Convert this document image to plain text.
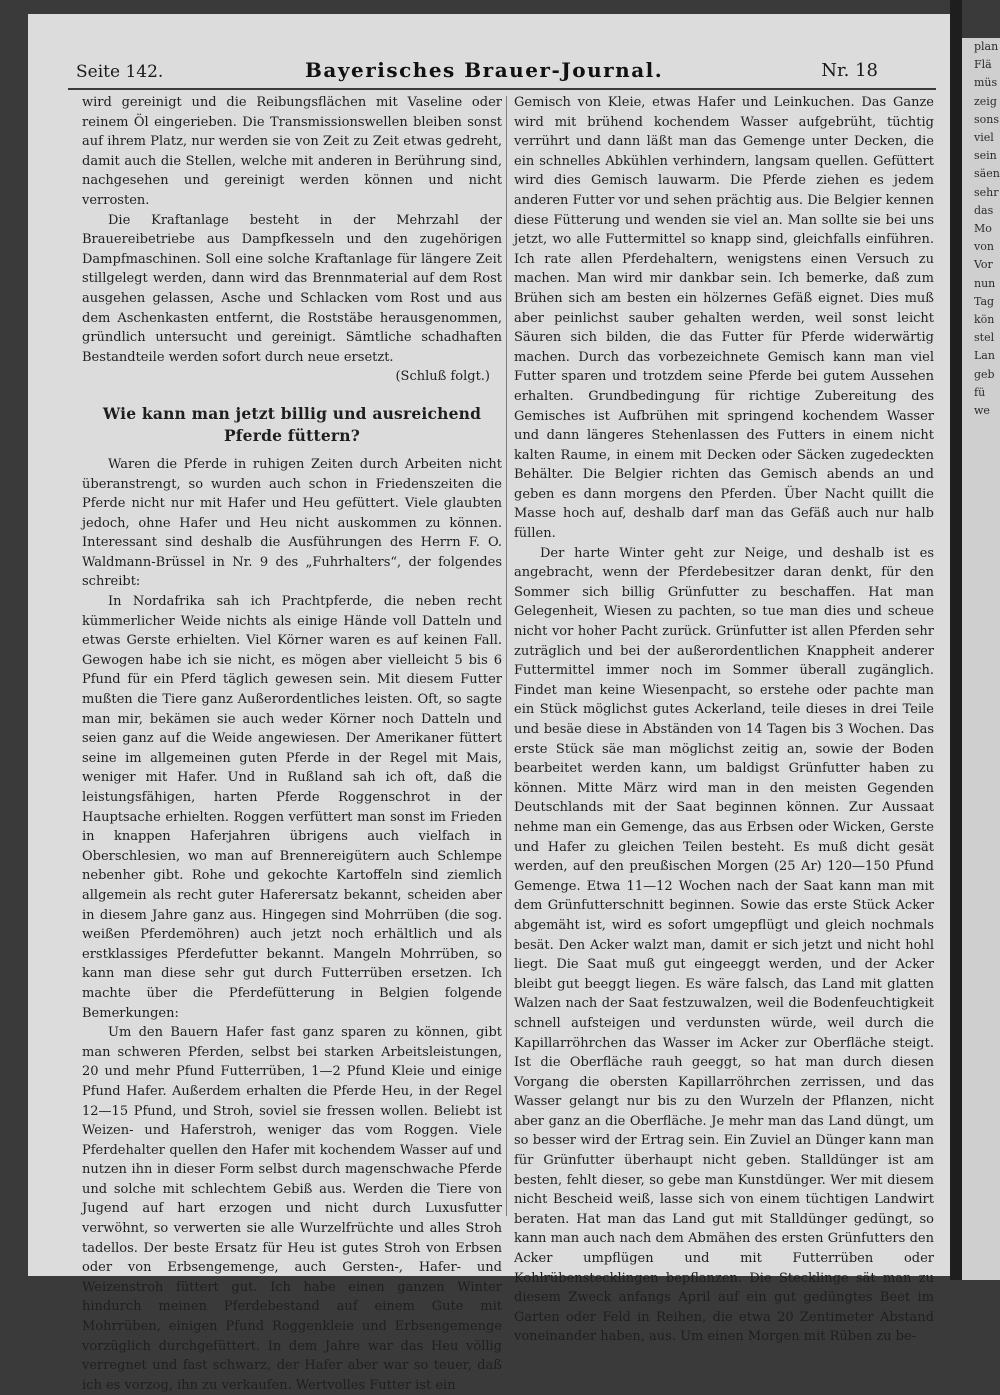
Seite 142.	Bayerisches Brauer-Journal.	Nr. 18

wird gereinigt und die Reibungsflächen mit Vaseline oder reinem Öl eingerieben. Die Transmissionswellen bleiben sonst auf ihrem Platz, nur werden sie von Zeit zu Zeit etwas gedreht, damit auch die Stellen, welche mit anderen in Berührung sind, nachgesehen und gereinigt werden können und nicht verrosten.

Die Kraftanlage besteht in der Mehrzahl der Brauereibetriebe aus Dampfkesseln und den zugehörigen Dampfmaschinen. Soll eine solche Kraftanlage für längere Zeit stillgelegt werden, dann wird das Brennmaterial auf dem Rost ausgehen gelassen, Asche und Schlacken vom Rost und aus dem Aschenkasten entfernt, die Roststäbe herausgenommen, gründlich untersucht und gereinigt. Sämtliche schadhaften Bestandteile werden sofort durch neue ersetzt.

(Schluß folgt.)
Wie kann man jetzt billig und ausreichend Pferde füttern?

Waren die Pferde in ruhigen Zeiten durch Arbeiten nicht überanstrengt, so wurden auch schon in Friedenszeiten die Pferde nicht nur mit Hafer und Heu gefüttert. Viele glaubten jedoch, ohne Hafer und Heu nicht auskommen zu können. Interessant sind deshalb die Ausführungen des Herrn F. O. Waldmann-Brüssel in Nr. 9 des „Fuhrhalters“, der folgendes schreibt:

In Nordafrika sah ich Prachtpferde, die neben recht kümmerlicher Weide nichts als einige Hände voll Datteln und etwas Gerste erhielten. Viel Körner waren es auf keinen Fall. Gewogen habe ich sie nicht, es mögen aber vielleicht 5 bis 6 Pfund für ein Pferd täglich gewesen sein. Mit diesem Futter mußten die Tiere ganz Außerordentliches leisten. Oft, so sagte man mir, bekämen sie auch weder Körner noch Datteln und seien ganz auf die Weide angewiesen. Der Amerikaner füttert seine im allgemeinen guten Pferde in der Regel mit Mais, weniger mit Hafer. Und in Rußland sah ich oft, daß die leistungsfähigen, harten Pferde Roggenschrot in der Hauptsache erhielten. Roggen verfüttert man sonst im Frieden in knappen Haferjahren übrigens auch vielfach in Oberschlesien, wo man auf Brennereigütern auch Schlempe nebenher gibt. Rohe und gekochte Kartoffeln sind ziemlich allgemein als recht guter Haferersatz bekannt, scheiden aber in diesem Jahre ganz aus. Hingegen sind Mohrrüben (die sog. weißen Pferdemöhren) auch jetzt noch erhältlich und als erstklassiges Pferdefutter bekannt. Mangeln Mohrrüben, so kann man diese sehr gut durch Futterrüben ersetzen. Ich machte über die Pferdefütterung in Belgien folgende Bemerkungen:

Um den Bauern Hafer fast ganz sparen zu können, gibt man schweren Pferden, selbst bei starken Arbeitsleistungen, 20 und mehr Pfund Futterrüben, 1—2 Pfund Kleie und einige Pfund Hafer. Außerdem erhalten die Pferde Heu, in der Regel 12—15 Pfund, und Stroh, soviel sie fressen wollen. Beliebt ist Weizen- und Haferstroh, weniger das vom Roggen. Viele Pferdehalter quellen den Hafer mit kochendem Wasser auf und nutzen ihn in dieser Form selbst durch magenschwache Pferde und solche mit schlechtem Gebiß aus. Werden die Tiere von Jugend auf hart erzogen und nicht durch Luxusfutter verwöhnt, so verwerten sie alle Wurzelfrüchte und alles Stroh tadellos. Der beste Ersatz für Heu ist gutes Stroh von Erbsen oder von Erbsengemenge, auch Gersten-, Hafer- und Weizenstroh füttert gut. Ich habe einen ganzen Winter hindurch meinen Pferdebestand auf einem Gute mit Mohrrüben, einigen Pfund Roggenkleie und Erbsengemenge vorzüglich durchgefüttert. In dem Jahre war das Heu völlig verregnet und fast schwarz, der Hafer aber war so teuer, daß ich es vorzog, ihn zu verkaufen. Wertvolles Futter ist ein

Gemisch von Kleie, etwas Hafer und Leinkuchen. Das Ganze wird mit brühend kochendem Wasser aufgebrüht, tüchtig verrührt und dann läßt man das Gemenge unter Decken, die ein schnelles Abkühlen verhindern, langsam quellen. Gefüttert wird dies Gemisch lauwarm. Die Pferde ziehen es jedem anderen Futter vor und sehen prächtig aus. Die Belgier kennen diese Fütterung und wenden sie viel an. Man sollte sie bei uns jetzt, wo alle Futtermittel so knapp sind, gleichfalls einführen. Ich rate allen Pferdehaltern, wenigstens einen Versuch zu machen. Man wird mir dankbar sein. Ich bemerke, daß zum Brühen sich am besten ein hölzernes Gefäß eignet. Dies muß aber peinlichst sauber gehalten werden, weil sonst leicht Säuren sich bilden, die das Futter für Pferde widerwärtig machen. Durch das vorbezeichnete Gemisch kann man viel Futter sparen und trotzdem seine Pferde bei gutem Aussehen erhalten. Grundbedingung für richtige Zubereitung des Gemisches ist Aufbrühen mit springend kochendem Wasser und dann längeres Stehenlassen des Futters in einem nicht kalten Raume, in einem mit Decken oder Säcken zugedeckten Behälter. Die Belgier richten das Gemisch abends an und geben es dann morgens den Pferden. Über Nacht quillt die Masse hoch auf, deshalb darf man das Gefäß auch nur halb füllen.

Der harte Winter geht zur Neige, und deshalb ist es angebracht, wenn der Pferdebesitzer daran denkt, für den Sommer sich billig Grünfutter zu beschaffen. Hat man Gelegenheit, Wiesen zu pachten, so tue man dies und scheue nicht vor hoher Pacht zurück. Grünfutter ist allen Pferden sehr zuträglich und bei der außerordentlichen Knappheit anderer Futtermittel immer noch im Sommer überall zugänglich. Findet man keine Wiesenpacht, so erstehe oder pachte man ein Stück möglichst gutes Ackerland, teile dieses in drei Teile und besäe diese in Abständen von 14 Tagen bis 3 Wochen. Das erste Stück säe man möglichst zeitig an, sowie der Boden bearbeitet werden kann, um baldigst Grünfutter haben zu können. Mitte März wird man in den meisten Gegenden Deutschlands mit der Saat beginnen können. Zur Aussaat nehme man ein Gemenge, das aus Erbsen oder Wicken, Gerste und Hafer zu gleichen Teilen besteht. Es muß dicht gesät werden, auf den preußischen Morgen (25 Ar) 120—150 Pfund Gemenge. Etwa 11—12 Wochen nach der Saat kann man mit dem Grünfutterschnitt beginnen. Sowie das erste Stück Acker abgemäht ist, wird es sofort umgepflügt und gleich nochmals besät. Den Acker walzt man, damit er sich jetzt und nicht hohl liegt. Die Saat muß gut eingeeggt werden, und der Acker bleibt gut beeggt liegen. Es wäre falsch, das Land mit glatten Walzen nach der Saat festzuwalzen, weil die Bodenfeuchtigkeit schnell aufsteigen und verdunsten würde, weil durch die Kapillarröhrchen das Wasser im Acker zur Oberfläche steigt. Ist die Oberfläche rauh geeggt, so hat man durch diesen Vorgang die obersten Kapillarröhrchen zerrissen, und das Wasser gelangt nur bis zu den Wurzeln der Pflanzen, nicht aber ganz an die Oberfläche. Je mehr man das Land düngt, um so besser wird der Ertrag sein. Ein Zuviel an Dünger kann man für Grünfutter überhaupt nicht geben. Stalldünger ist am besten, fehlt dieser, so gebe man Kunstdünger. Wer mit diesem nicht Bescheid weiß, lasse sich von einem tüchtigen Landwirt beraten. Hat man das Land gut mit Stalldünger gedüngt, so kann man auch nach dem Abmähen des ersten Grünfutters den Acker umpflügen und mit Futterrüben oder Kohlrübenstecklingen bepflanzen. Die Stecklinge sät man zu diesem Zweck anfangs April auf ein gut gedüngtes Beet im Garten oder Feld in Reihen, die etwa 20 Zentimeter Abstand voneinander haben, aus. Um einen Morgen mit Rüben zu be-

plan
Flä
müs
zeig
sons
viel
sein
säen
sehr
das
Mo
von
Vor
nun
Tag
kön
stel
Lan
geb
fü
we
